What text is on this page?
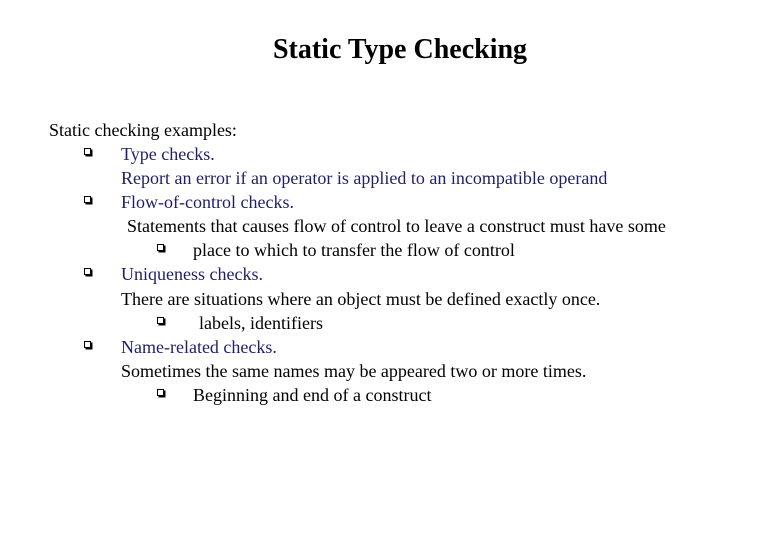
Static Type Checking
Static checking examples:
Type checks.
Report an error if an operator is applied to an incompatible operand
Flow-of-control checks.
Statements that causes flow of control to leave a construct must have some
place to which to transfer the flow of control
Uniqueness checks.
There are situations where an object must be defined exactly once.
labels, identifiers
Name-related checks.
Sometimes the same names may be appeared two or more times.
Beginning and end of a construct
